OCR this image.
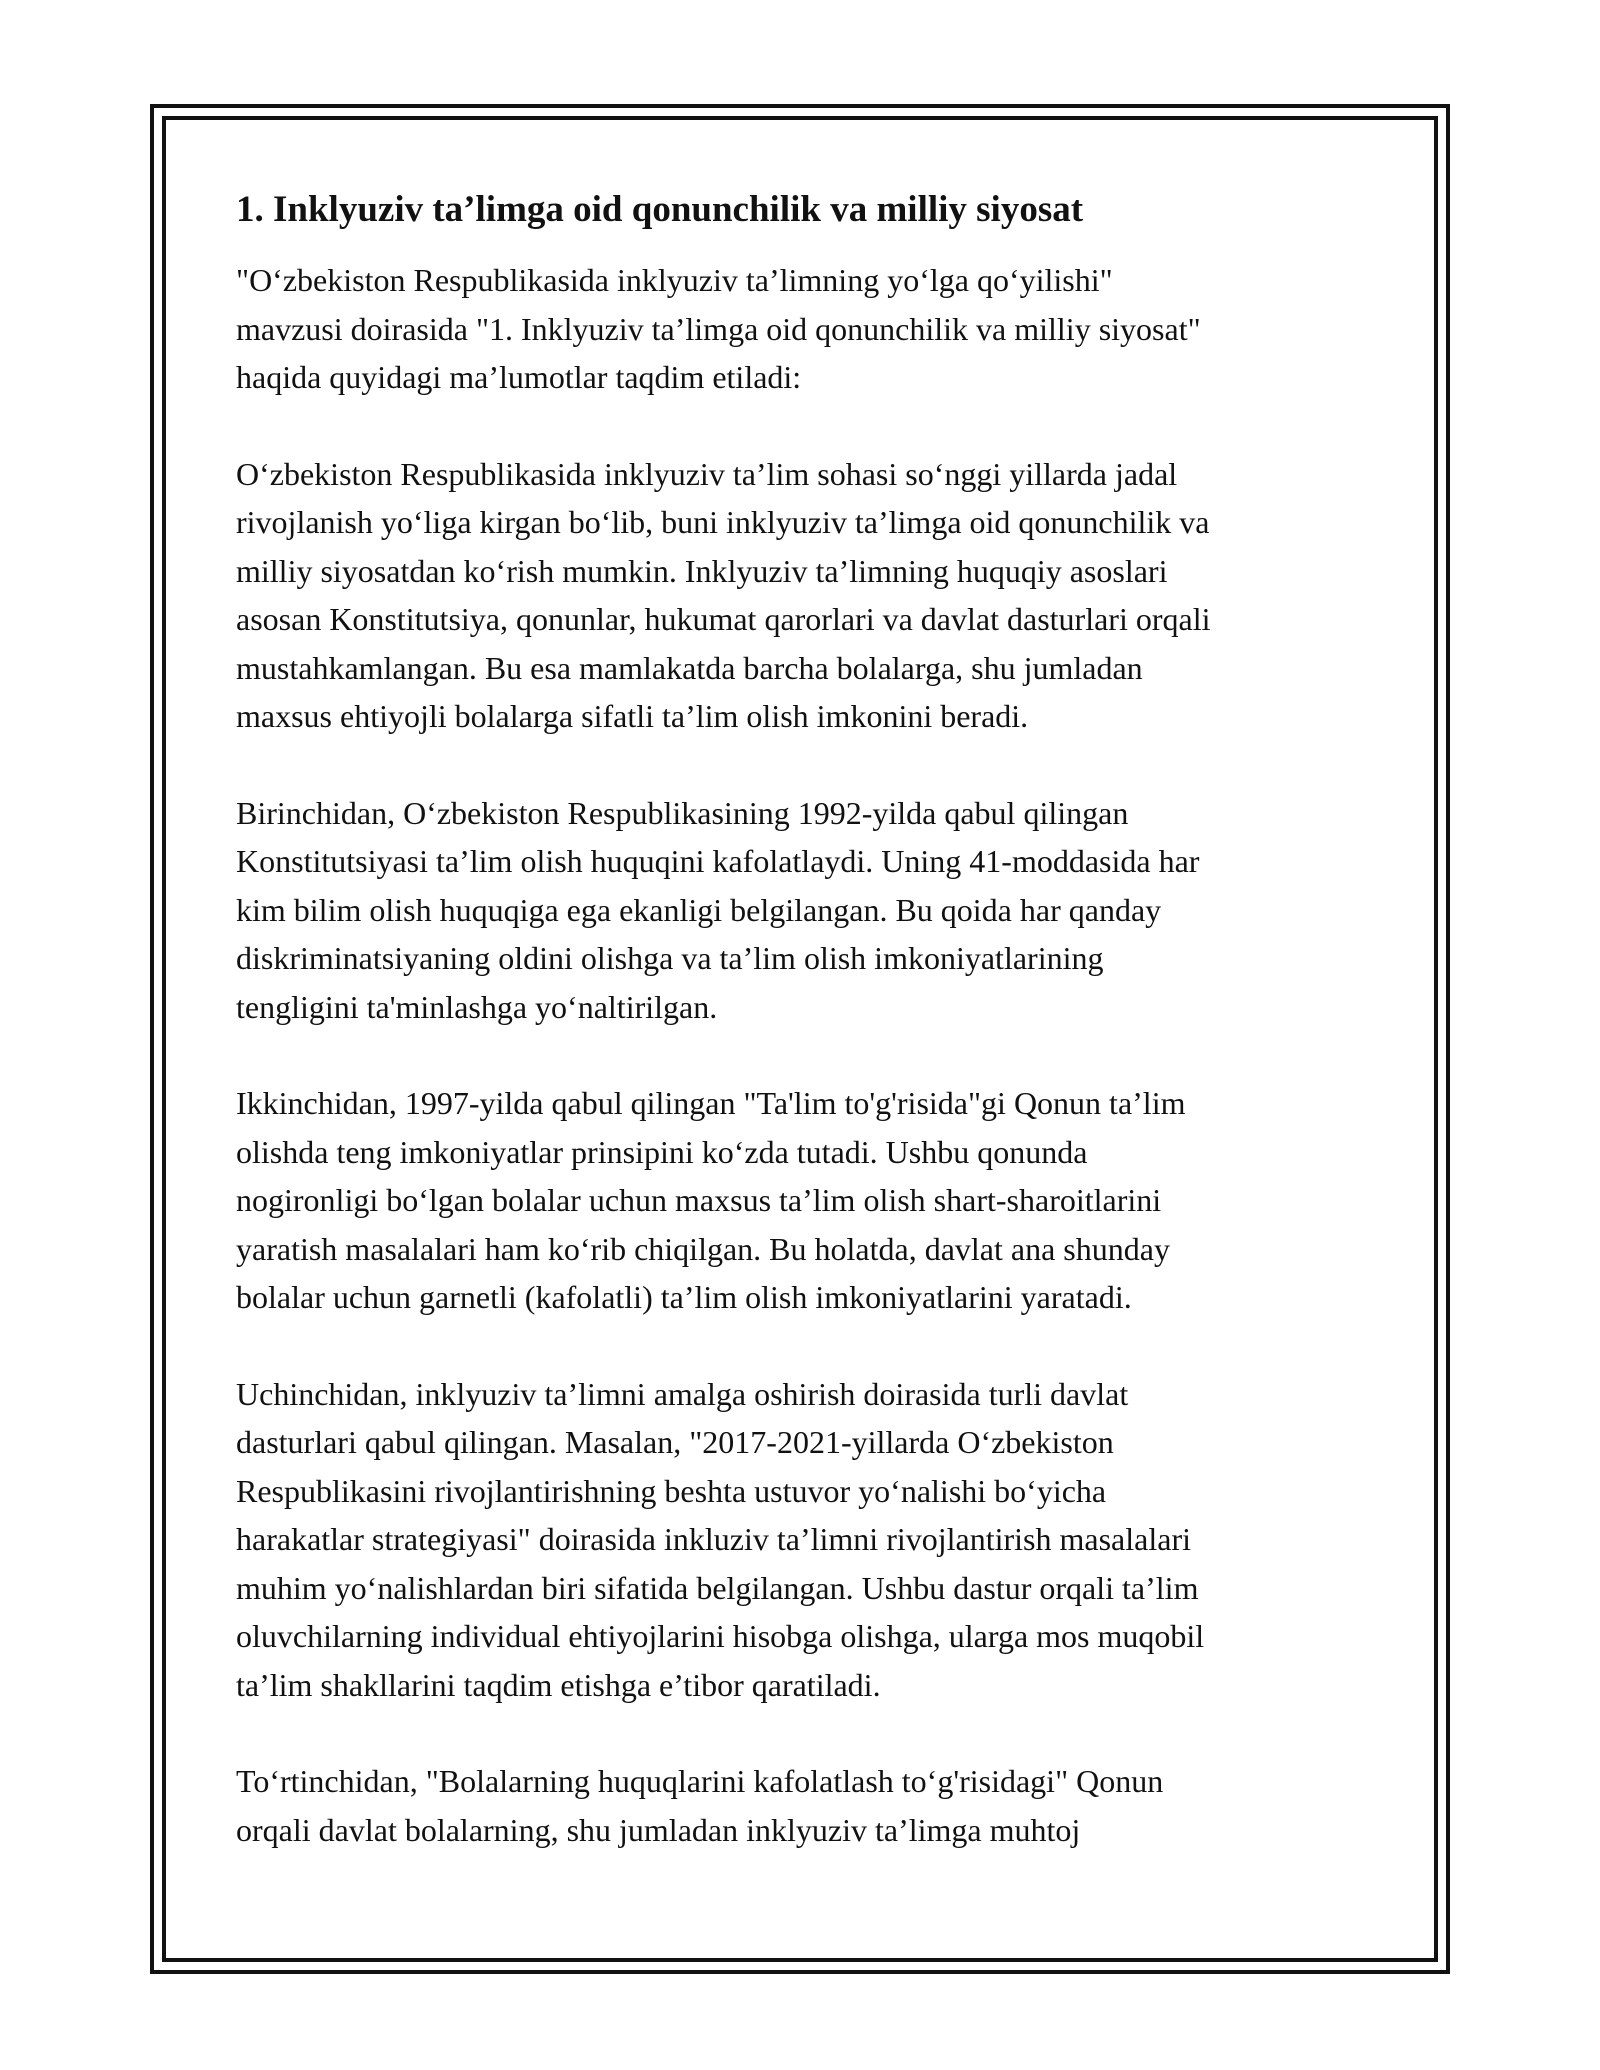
1. Inklyuziv ta’limga oid qonunchilik va milliy siyosat

"O‘zbekiston Respublikasida inklyuziv ta’limning yo‘lga qo‘yilishi"
mavzusi doirasida "1. Inklyuziv ta’limga oid qonunchilik va milliy siyosat"
haqida quyidagi ma’lumotlar taqdim etiladi:

O‘zbekiston Respublikasida inklyuziv ta’lim sohasi so‘nggi yillarda jadal
rivojlanish yo‘liga kirgan bo‘lib, buni inklyuziv ta’limga oid qonunchilik va
milliy siyosatdan ko‘rish mumkin. Inklyuziv ta’limning huquqiy asoslari
asosan Konstitutsiya, qonunlar, hukumat qarorlari va davlat dasturlari orqali
mustahkamlangan. Bu esa mamlakatda barcha bolalarga, shu jumladan
maxsus ehtiyojli bolalarga sifatli ta’lim olish imkonini beradi.

Birinchidan, O‘zbekiston Respublikasining 1992-yilda qabul qilingan
Konstitutsiyasi ta’lim olish huquqini kafolatlaydi. Uning 41-moddasida har
kim bilim olish huquqiga ega ekanligi belgilangan. Bu qoida har qanday
diskriminatsiyaning oldini olishga va ta’lim olish imkoniyatlarining
tengligini ta'minlashga yo‘naltirilgan.

Ikkinchidan, 1997-yilda qabul qilingan "Ta'lim to'g'risida"gi Qonun ta’lim
olishda teng imkoniyatlar prinsipini ko‘zda tutadi. Ushbu qonunda
nogironligi bo‘lgan bolalar uchun maxsus ta’lim olish shart-sharoitlarini
yaratish masalalari ham ko‘rib chiqilgan. Bu holatda, davlat ana shunday
bolalar uchun garnetli (kafolatli) ta’lim olish imkoniyatlarini yaratadi.

Uchinchidan, inklyuziv ta’limni amalga oshirish doirasida turli davlat
dasturlari qabul qilingan. Masalan, "2017-2021-yillarda O‘zbekiston
Respublikasini rivojlantirishning beshta ustuvor yo‘nalishi bo‘yicha
harakatlar strategiyasi" doirasida inkluziv ta’limni rivojlantirish masalalari
muhim yo‘nalishlardan biri sifatida belgilangan. Ushbu dastur orqali ta’lim
oluvchilarning individual ehtiyojlarini hisobga olishga, ularga mos muqobil
ta’lim shakllarini taqdim etishga e’tibor qaratiladi.

To‘rtinchidan, "Bolalarning huquqlarini kafolatlash to‘g'risidagi" Qonun
orqali davlat bolalarning, shu jumladan inklyuziv ta’limga muhtoj
